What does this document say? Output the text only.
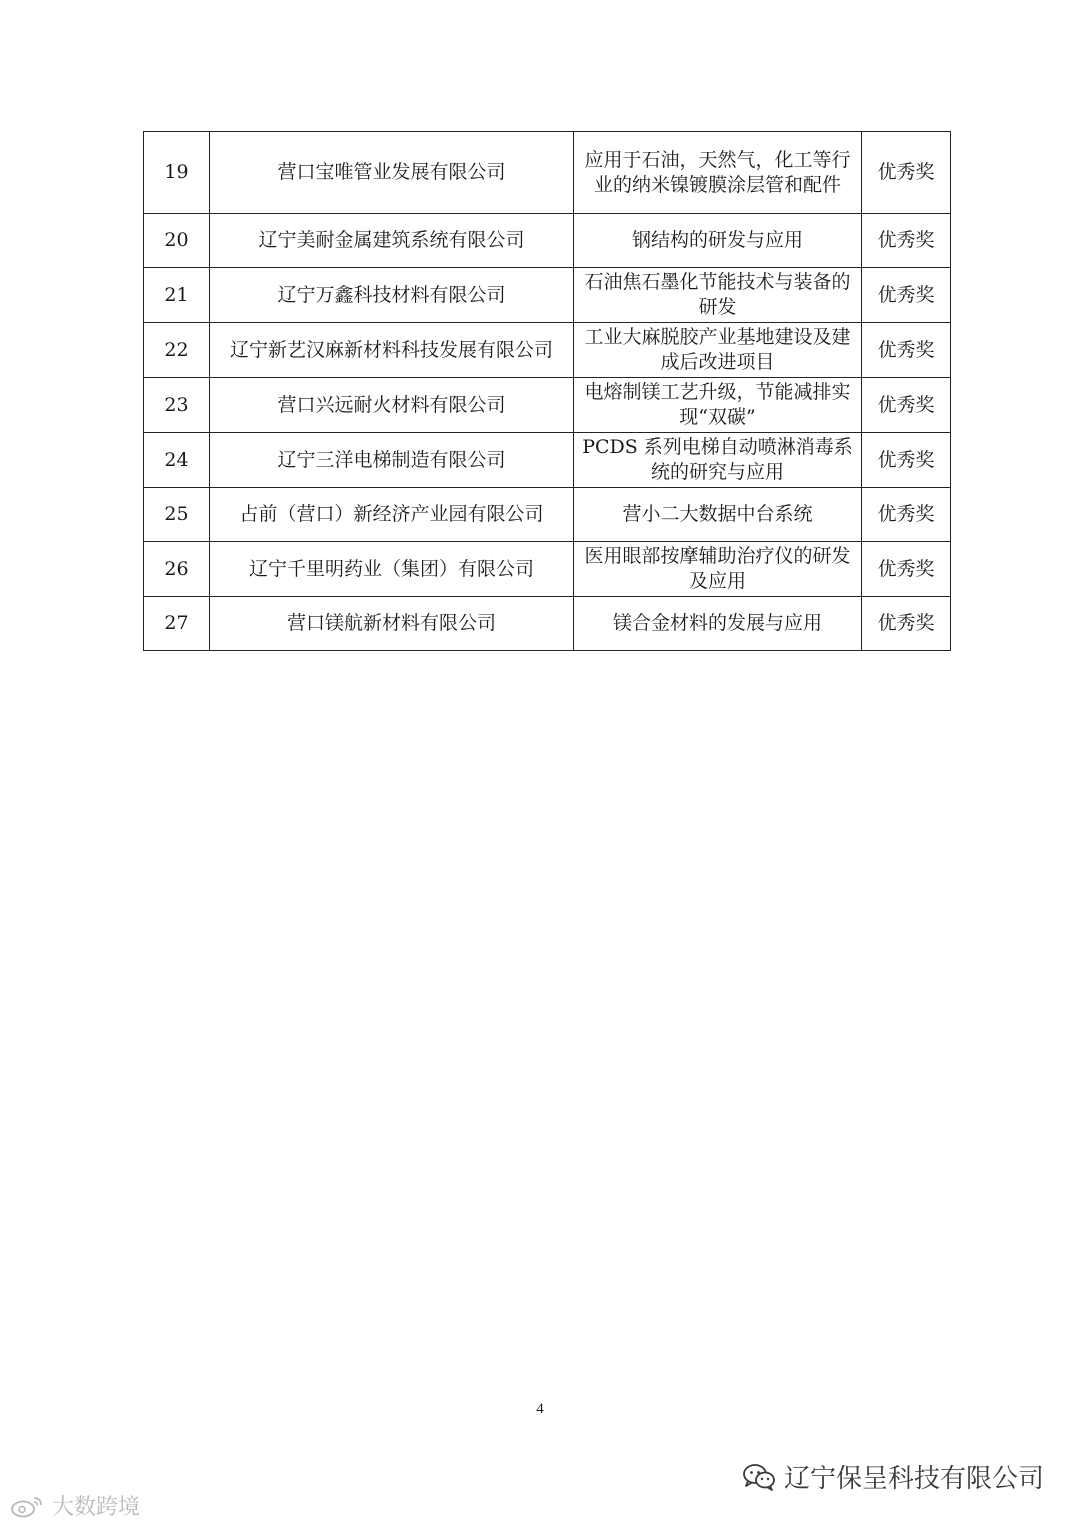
19	营口宝唯管业发展有限公司	应用于石油，天然气，化工等行业的纳米镍镀膜涂层管和配件	优秀奖
20	辽宁美耐金属建筑系统有限公司	钢结构的研发与应用	优秀奖
21	辽宁万鑫科技材料有限公司	石油焦石墨化节能技术与装备的研发	优秀奖
22	辽宁新艺汉麻新材料科技发展有限公司	工业大麻脱胶产业基地建设及建成后改进项目	优秀奖
23	营口兴远耐火材料有限公司	电熔制镁工艺升级，节能减排实现“双碳”	优秀奖
24	辽宁三洋电梯制造有限公司	PCDS 系列电梯自动喷淋消毒系统的研究与应用	优秀奖
25	占前（营口）新经济产业园有限公司	营小二大数据中台系统	优秀奖
26	辽宁千里明药业（集团）有限公司	医用眼部按摩辅助治疗仪的研发及应用	优秀奖
27	营口镁航新材料有限公司	镁合金材料的发展与应用	优秀奖
4
辽宁保呈科技有限公司
大数跨境
